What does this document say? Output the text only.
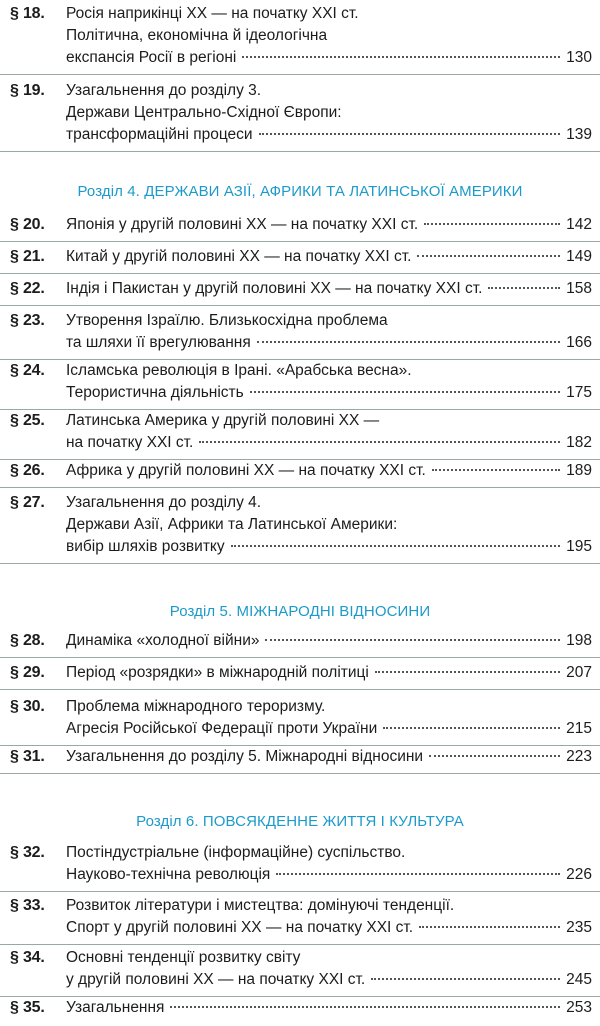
§ 18. Росія наприкінці XX — на початку XXI ст.
Політична, економічна й ідеологічна
експансія Росії в регіоні	130
§ 19. Узагальнення до розділу 3.
Держави Центрально-Східної Європи:
трансформаційні процеси	139
Розділ 4. ДЕРЖАВИ АЗІЇ, АФРИКИ ТА ЛАТИНСЬКОЇ АМЕРИКИ
§ 20. Японія у другій половині XX — на початку XXI ст.	142
§ 21. Китай у другій половині XX — на початку XXI ст.	149
§ 22. Індія і Пакистан у другій половині XX — на початку XXI ст.	158
§ 23. Утворення Ізраїлю. Близькосхідна проблема
та шляхи її врегулювання	166
§ 24. Ісламська революція в Ірані. «Арабська весна».
Терористична діяльність	175
§ 25. Латинська Америка у другій половині XX —
на початку XXI ст.	182
§ 26. Африка у другій половині XX — на початку XXI ст.	189
§ 27. Узагальнення до розділу 4.
Держави Азії, Африки та Латинської Америки:
вибір шляхів розвитку	195
Розділ 5. МІЖНАРОДНІ ВІДНОСИНИ
§ 28. Динаміка «холодної війни»	198
§ 29. Період «розрядки» в міжнародній політиці	207
§ 30. Проблема міжнародного тероризму.
Агресія Російської Федерації проти України	215
§ 31. Узагальнення до розділу 5. Міжнародні відносини	223
Розділ 6. ПОВСЯКДЕННЕ ЖИТТЯ І КУЛЬТУРА
§ 32. Постіндустріальне (інформаційне) суспільство.
Науково-технічна революція	226
§ 33. Розвиток літератури і мистецтва: домінуючі тенденції.
Спорт у другій половині XX — на початку XXI ст.	235
§ 34. Основні тенденції розвитку світу
у другій половині XX — на початку XXI ст.	245
§ 35. Узагальнення	253
